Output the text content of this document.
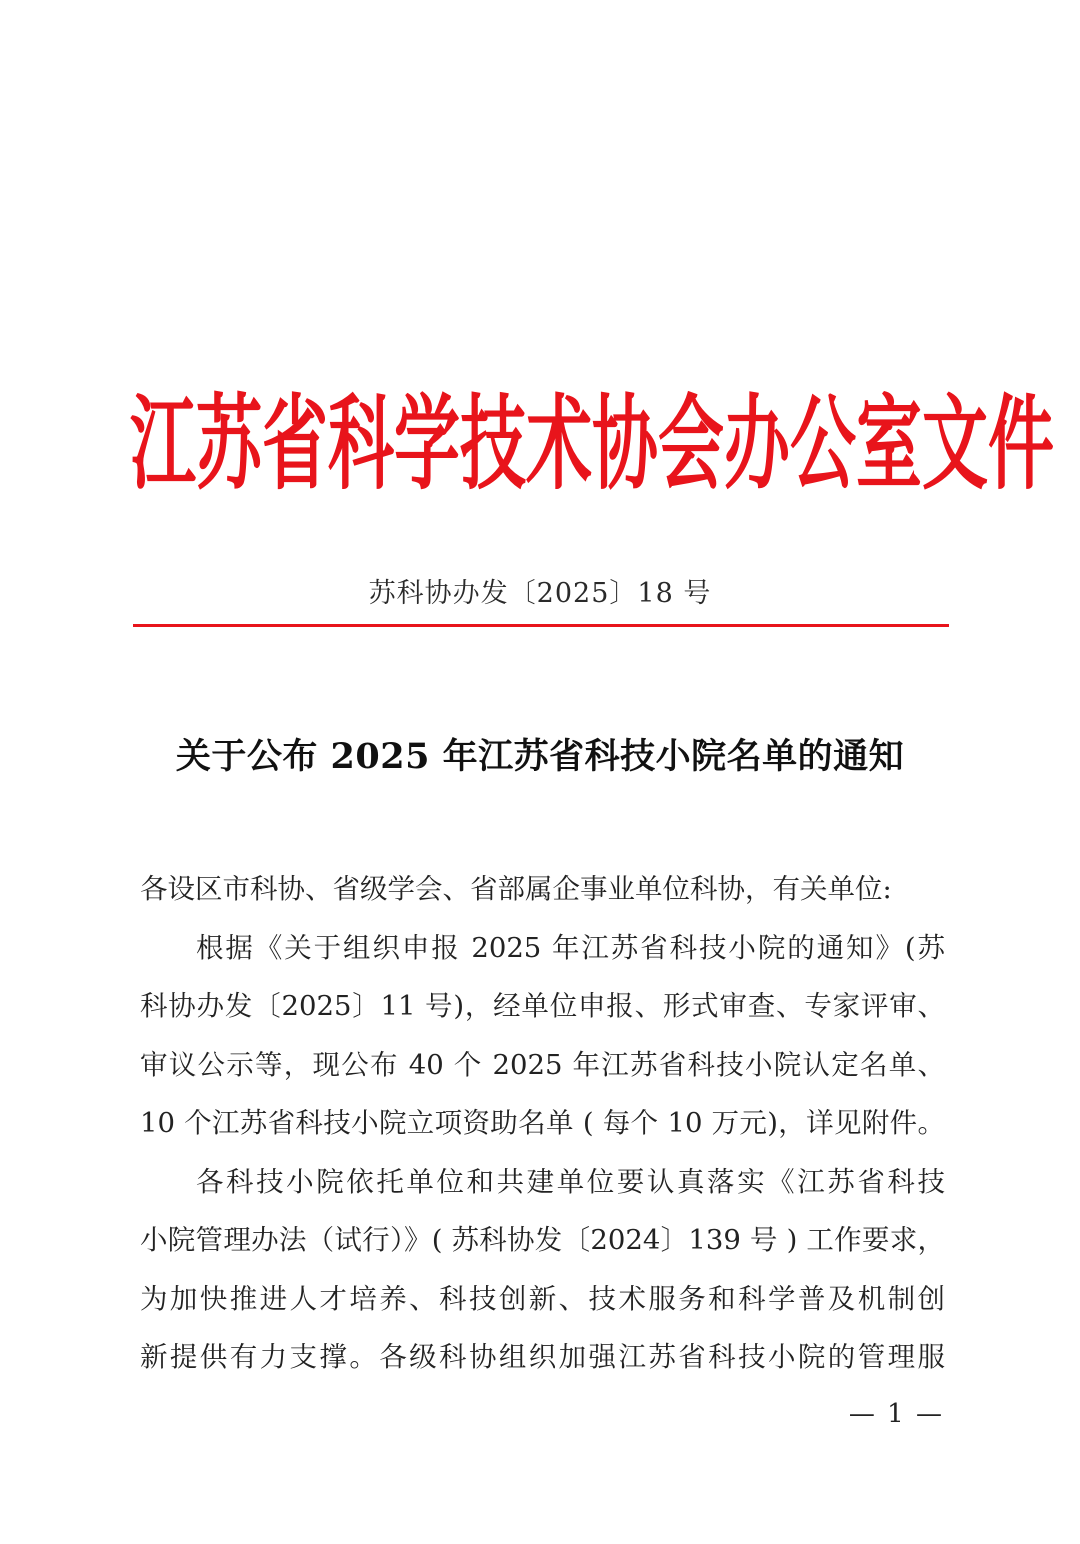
江苏省科学技术协会办公室文件
苏科协办发〔2025〕18 号
关于公布 2025 年江苏省科技小院名单的通知
各设区市科协、省级学会、省部属企事业单位科协，有关单位:
根据《关于组织申报 2025 年江苏省科技小院的通知》(苏
科协办发〔2025〕11 号)，经单位申报、形式审查、专家评审、
审议公示等，现公布 40 个 2025 年江苏省科技小院认定名单、
10 个江苏省科技小院立项资助名单 ( 每个 10 万元)，详见附件。
各科技小院依托单位和共建单位要认真落实《江苏省科技
小院管理办法（试行）》( 苏科协发〔2024〕139 号 ) 工作要求，
为加快推进人才培养、科技创新、技术服务和科学普及机制创
新提供有力支撑。各级科协组织加强江苏省科技小院的管理服
— 1 —
